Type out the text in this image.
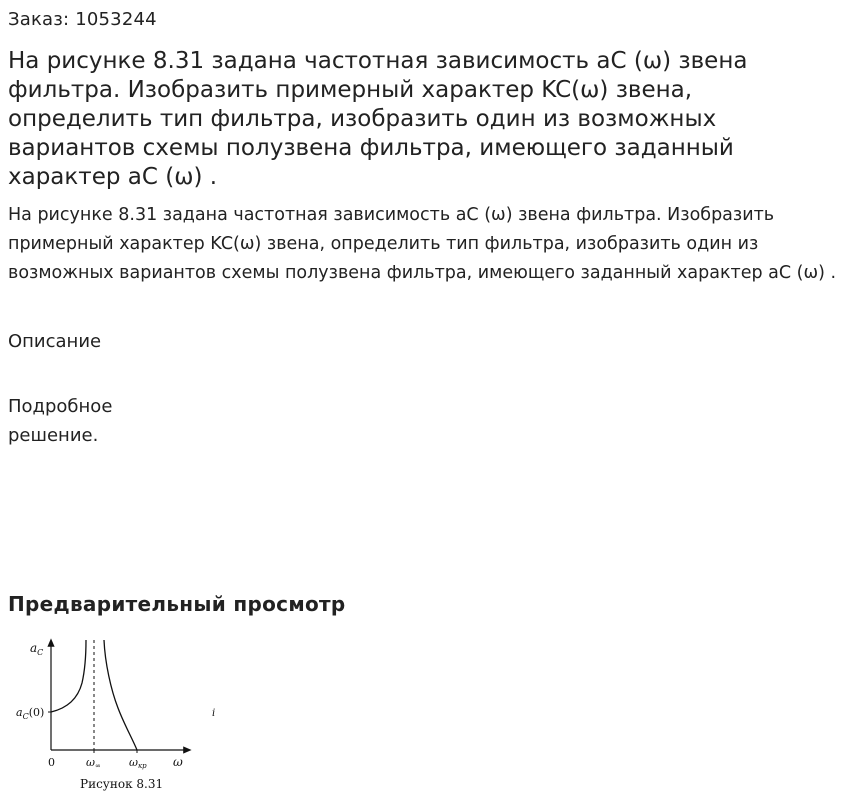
Заказ: 1053244
На рисунке 8.31 задана частотная зависимость aC (ω) звена фильтра. Изобразить примерный характер KC(ω) звена, определить тип фильтра, изобразить один из возможных вариантов схемы полузвена фильтра, имеющего заданный характер aC (ω) .

На рисунке 8.31 задана частотная зависимость aC (ω) звена фильтра. Изобразить примерный характер KC(ω) звена, определить тип фильтра, изобразить один из возможных вариантов схемы полузвена фильтра, имеющего заданный характер aC (ω) .

Описание
Подробное решение.
Предварительный просмотр
$a_C$
$a_C(0)$
0	ω∞	ωкр ω
i
Рисунок 8.31
